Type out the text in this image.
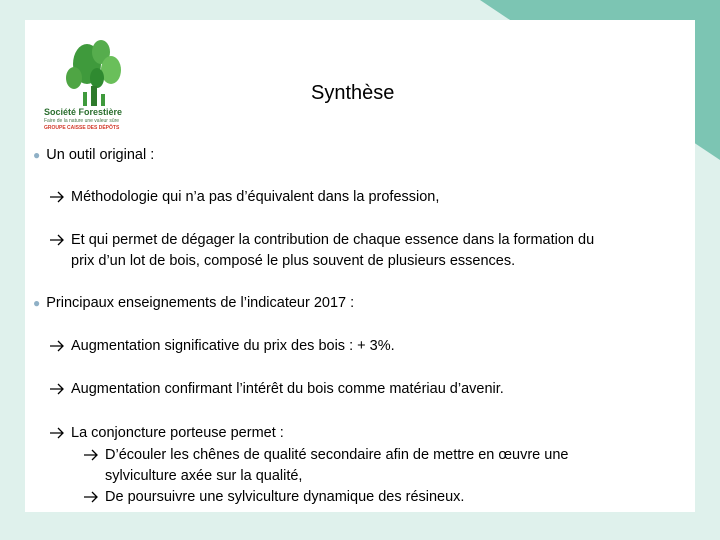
Société Forestière
Faire de la nature une valeur sûre
GROUPE CAISSE DES DÉPÔTS
Synthèse
● Un outil original :
Méthodologie qui n’a pas d’équivalent dans la profession,
Et qui permet de dégager la contribution de chaque essence dans la formation du
prix d’un lot de bois, composé le plus souvent de plusieurs essences.
● Principaux enseignements de l’indicateur 2017 :
Augmentation significative du prix des bois : + 3%.
Augmentation confirmant l’intérêt du bois comme matériau d’avenir.
La conjoncture porteuse permet :
D’écouler les chênes de qualité secondaire afin de mettre en œuvre une
sylviculture axée sur la qualité,
De poursuivre une sylviculture dynamique des résineux.
